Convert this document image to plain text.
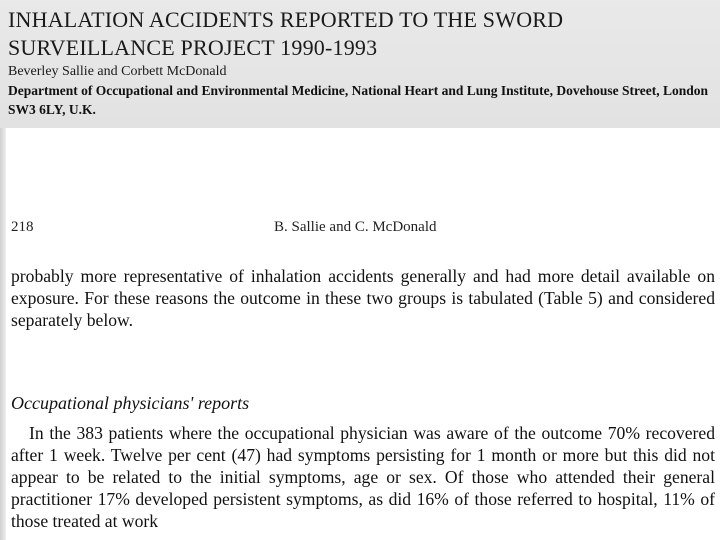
INHALATION ACCIDENTS REPORTED TO THE SWORD SURVEILLANCE PROJECT 1990-1993
Beverley Sallie and Corbett McDonald
Department of Occupational and Environmental Medicine, National Heart and Lung Institute, Dovehouse Street, London SW3 6LY, U.K.
218	B. Sallie and C. McDonald

probably more representative of inhalation accidents generally and had more detail available on exposure. For these reasons the outcome in these two groups is tabulated (Table 5) and considered separately below.

Occupational physicians' reports

In the 383 patients where the occupational physician was aware of the outcome 70% recovered after 1 week. Twelve per cent (47) had symptoms persisting for 1 month or more but this did not appear to be related to the initial symptoms, age or sex. Of those who attended their general practitioner 17% developed persistent symptoms, as did 16% of those referred to hospital, 11% of those treated at work
